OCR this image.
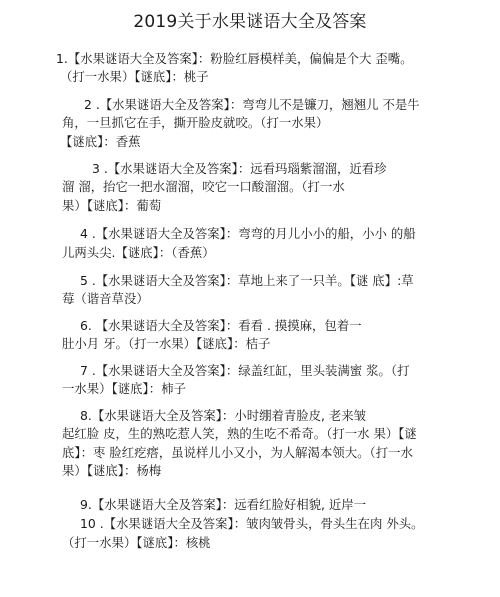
2019关于水果谜语大全及答案
1.【水果谜语大全及答案】：粉脸红唇模样美，偏偏是个大 歪嘴。
（打一水果）【谜底】：桃子
2 .【水果谜语大全及答案】：弯弯儿不是镰刀，翘翘儿 不是牛
角，一旦抓它在手，撕开脸皮就咬。（打一水果）
【谜底】：香蕉
3 .【水果谜语大全及答案】：远看玛瑙紫溜溜，近看珍
溜 溜，抬它一把水溜溜，咬它一口酸溜溜。（打一水
果）【谜底】：葡萄
4 .【水果谜语大全及答案】：弯弯的月儿小小的船，小小 的船
儿两头尖.【谜底】：（香蕉）
5 .【水果谜语大全及答案】：草地上来了一只羊。【谜 底】:草
莓（谐音草没）
6. 【水果谜语大全及答案】：看看 . 摸摸麻，包着一
肚小月 牙。（打一水果）【谜底】：桔子
7 .【水果谜语大全及答案】：绿盖红缸，里头装满蜜 浆。（打
一水果）【谜底】：柿子
8.【水果谜语大全及答案】：小时绷着青脸皮, 老来皱
起红脸 皮，生的熟吃惹人笑，熟的生吃不希奇。（打一水 果）【谜
底】：枣 脸红疙瘩，虽说样儿小又小，为人解渴本领大。（打一水
果）【谜底】：杨梅
9.【水果谜语大全及答案】：远看红脸好相貌, 近岸一
10 .【水果谜语大全及答案】：皱肉皱骨头，骨头生在肉 外头。
（打一水果）【谜底】：核桃
